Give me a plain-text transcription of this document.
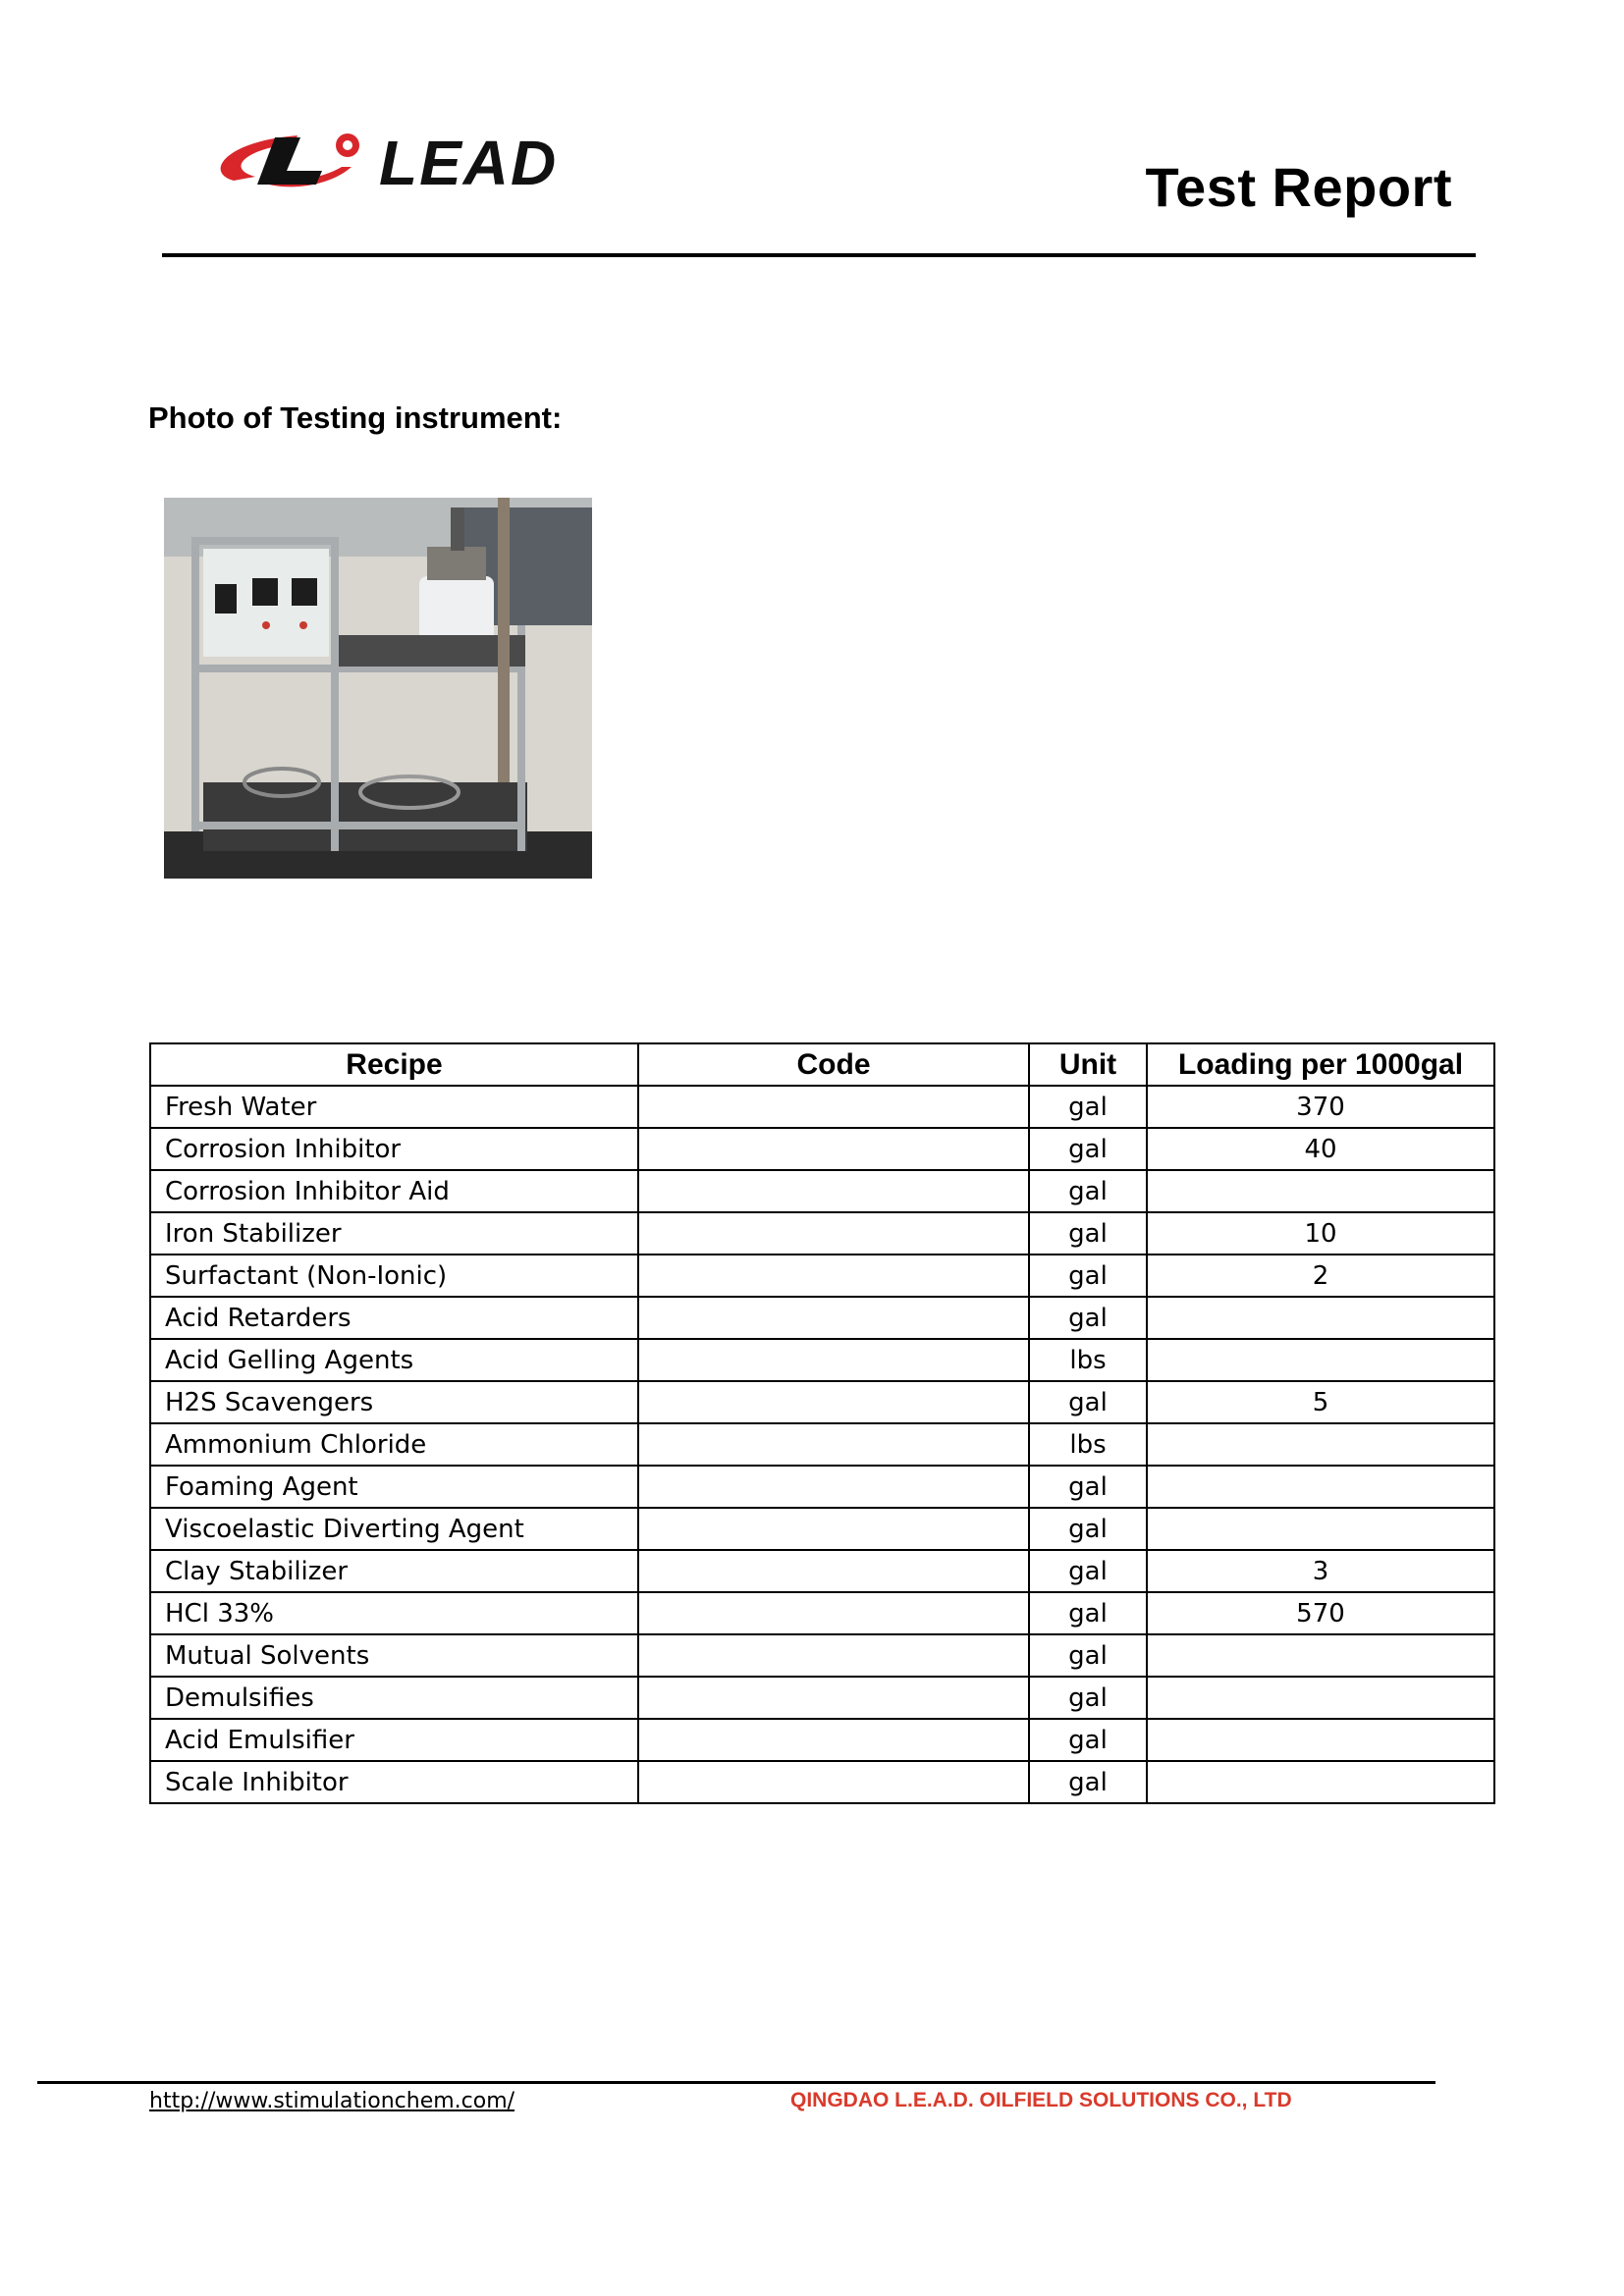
LEAD	Test Report
Photo of Testing instrument:
Recipe	Code	Unit	Loading per 1000gal
Fresh Water		gal	370
Corrosion Inhibitor		gal	40
Corrosion Inhibitor Aid		gal	
Iron Stabilizer		gal	10
Surfactant (Non-Ionic)		gal	2
Acid Retarders		gal	
Acid Gelling Agents		lbs	
H2S Scavengers		gal	5
Ammonium Chloride		lbs	
Foaming Agent		gal	
Viscoelastic Diverting Agent		gal	
Clay Stabilizer		gal	3
HCl 33%		gal	570
Mutual Solvents		gal	
Demulsifies		gal	
Acid Emulsifier		gal	
Scale Inhibitor		gal	
http://www.stimulationchem.com/	QINGDAO L.E.A.D. OILFIELD SOLUTIONS CO., LTD
